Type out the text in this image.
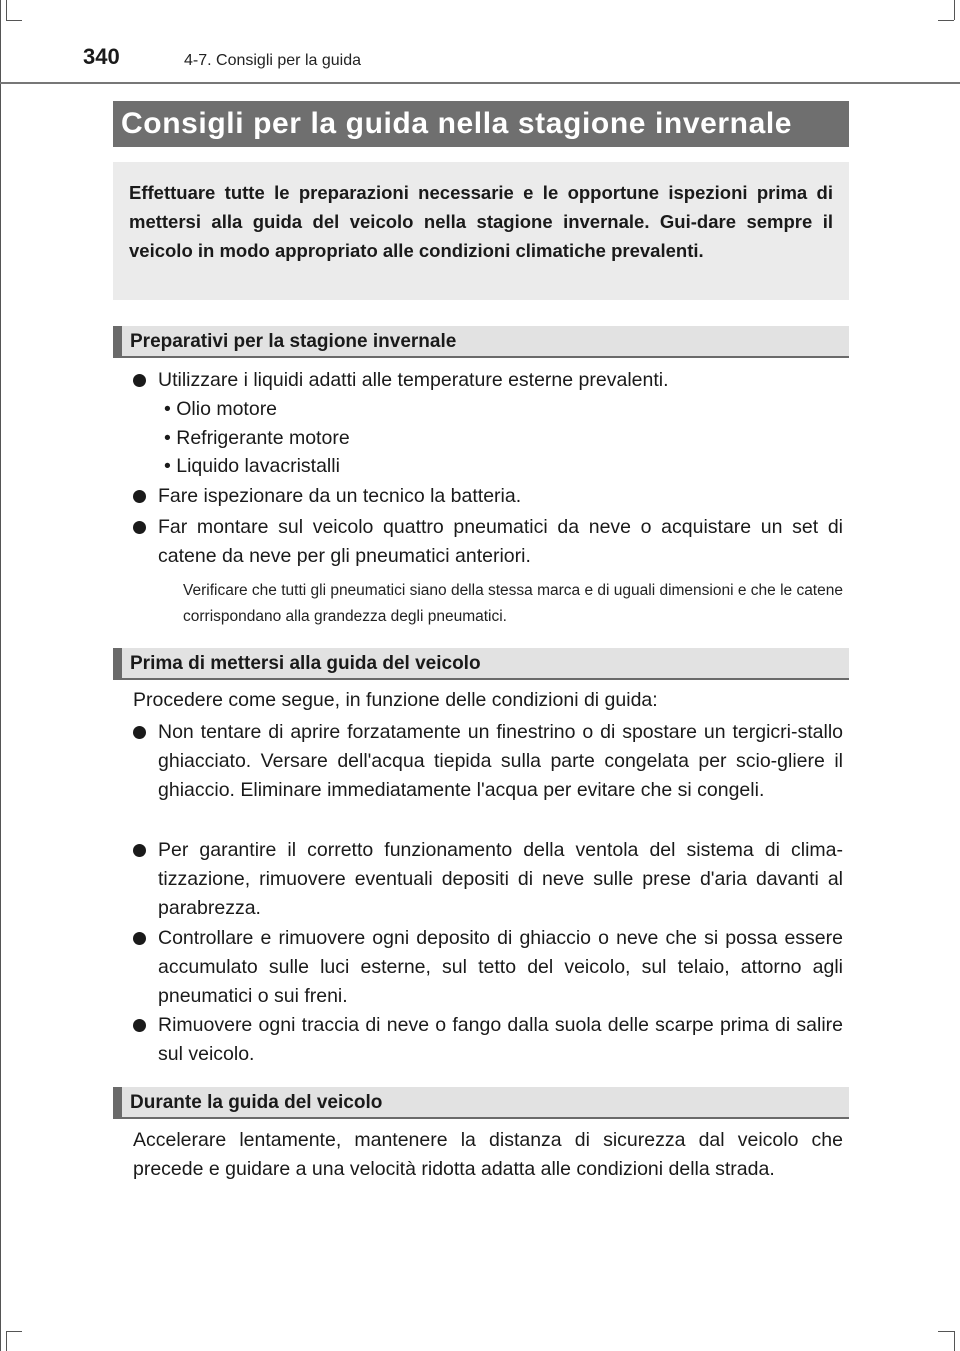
340	4-7. Consigli per la guida
Consigli per la guida nella stagione invernale
Effettuare tutte le preparazioni necessarie e le opportune ispezioni prima di mettersi alla guida del veicolo nella stagione invernale. Gui-dare sempre il veicolo in modo appropriato alle condizioni climatiche prevalenti.
Preparativi per la stagione invernale
Utilizzare i liquidi adatti alle temperature esterne prevalenti.
• Olio motore
• Refrigerante motore
• Liquido lavacristalli
Fare ispezionare da un tecnico la batteria.
Far montare sul veicolo quattro pneumatici da neve o acquistare un set di catene da neve per gli pneumatici anteriori.
Verificare che tutti gli pneumatici siano della stessa marca e di uguali dimensioni e che le catene corrispondano alla grandezza degli pneumatici.
Prima di mettersi alla guida del veicolo
Procedere come segue, in funzione delle condizioni di guida:
Non tentare di aprire forzatamente un finestrino o di spostare un tergicri-stallo ghiacciato. Versare dell'acqua tiepida sulla parte congelata per scio-gliere il ghiaccio. Eliminare immediatamente l'acqua per evitare che si congeli.
Per garantire il corretto funzionamento della ventola del sistema di clima-tizzazione, rimuovere eventuali depositi di neve sulle prese d'aria davanti al parabrezza.
Controllare e rimuovere ogni deposito di ghiaccio o neve che si possa essere accumulato sulle luci esterne, sul tetto del veicolo, sul telaio, attorno agli pneumatici o sui freni.
Rimuovere ogni traccia di neve o fango dalla suola delle scarpe prima di salire sul veicolo.
Durante la guida del veicolo
Accelerare lentamente, mantenere la distanza di sicurezza dal veicolo che precede e guidare a una velocità ridotta adatta alle condizioni della strada.
